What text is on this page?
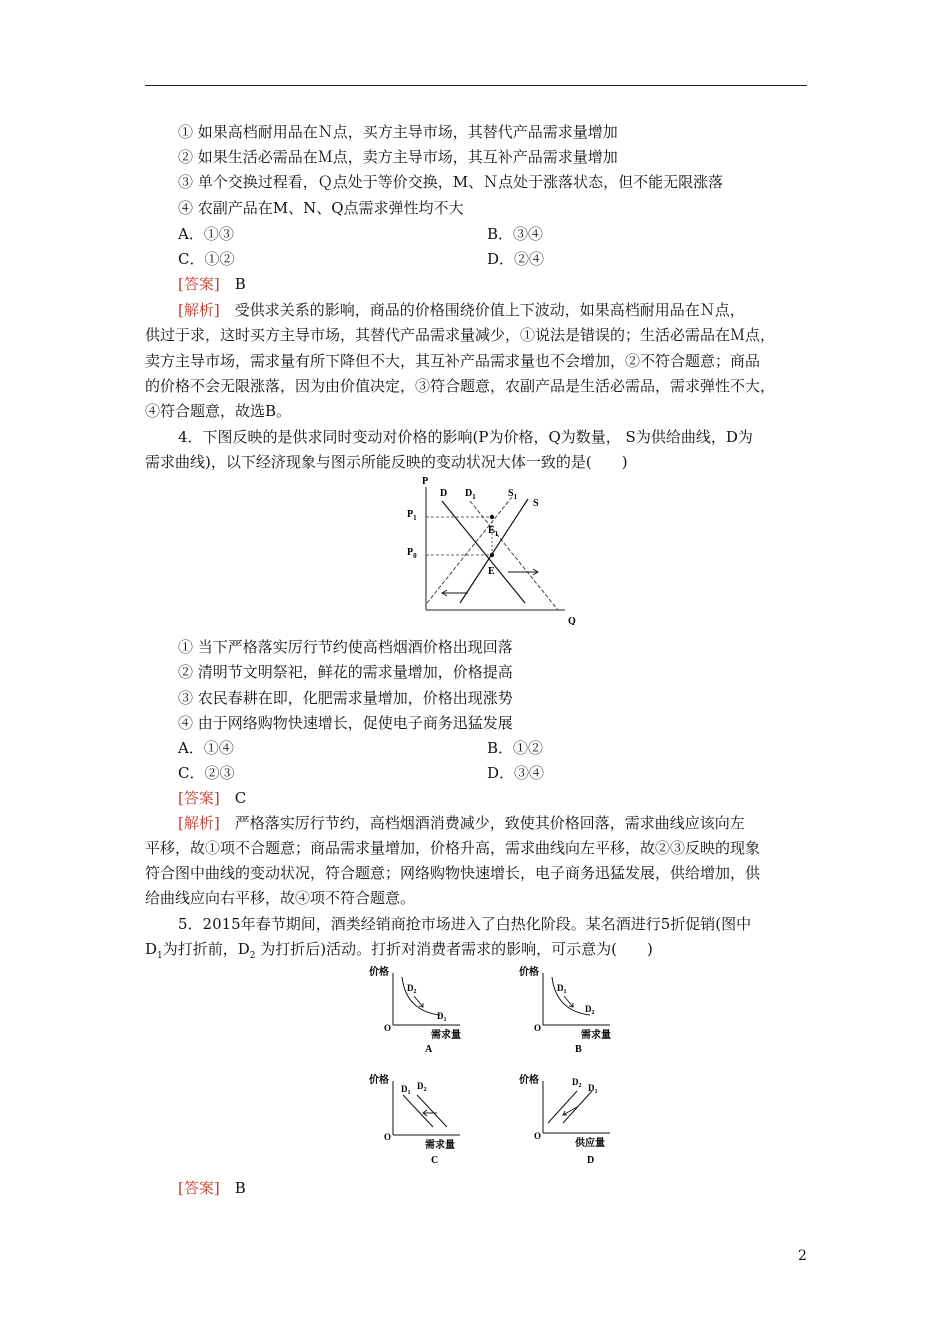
① 如果高档耐用品在Ｎ点，买方主导市场，其替代产品需求量增加
② 如果生活必需品在Ｍ点，卖方主导市场，其互补产品需求量增加
③ 单个交换过程看，Ｑ点处于等价交换，M、Ｎ点处于涨落状态，但不能无限涨落
④ 农副产品在M、N、Q点需求弹性均不大
A．①③	B．③④
C．①②	D．②④
[答案]　 B
[解析]　 受供求关系的影响，商品的价格围绕价值上下波动，如果高档耐用品在Ｎ点，
供过于求，这时买方主导市场，其替代产品需求量减少，①说法是错误的；生活必需品在Ｍ点，
卖方主导市场，需求量有所下降但不大，其互补产品需求量也不会增加，②不符合题意；商品
的价格不会无限涨落，因为由价值决定，③符合题意，农副产品是生活必需品，需求弹性不大，
④符合题意，故选B。
4．下图反映的是供求同时变动对价格的影响(P为价格，Q为数量， S为供给曲线，D为
需求曲线)，以下经济现象与图示所能反映的变动状况大体一致的是(　　)
P
Q
$P_1$
$P_0$
D $D_1$	$S_1$
S
$E_1$
E
① 当下严格落实厉行节约使高档烟酒价格出现回落
② 清明节文明祭祀，鲜花的需求量增加，价格提高
③ 农民春耕在即，化肥需求量增加，价格出现涨势
④ 由于网络购物快速增长，促使电子商务迅猛发展
A．①④	B．①②
C．②③	D．③④
[答案]　 C
[解析]　 严格落实厉行节约，高档烟酒消费减少，致使其价格回落，需求曲线应该向左
平移，故①项不合题意；商品需求量增加，价格升高，需求曲线向左平移，故②③反映的现象
符合图中曲线的变动状况，符合题意；网络购物快速增长，电子商务迅猛发展，供给增加，供
给曲线应向右平移，故④项不符合题意。
5．2015年春节期间，酒类经销商抢市场进入了白热化阶段。某名酒进行5折促销(图中
$D_1$为打折前，$D_2$ 为打折后)活动。打折对消费者需求的影响，可示意为(　　)
价格
需求量
O
A
$D_2$
$D_1$
价格
需求量
O
B
$D_1$
$D_2$
价格
需求量
O
C
$D_1$
$D_2$
价格
供应量
O
D
$D_2$ $D_1$
[答案]　 B
2
